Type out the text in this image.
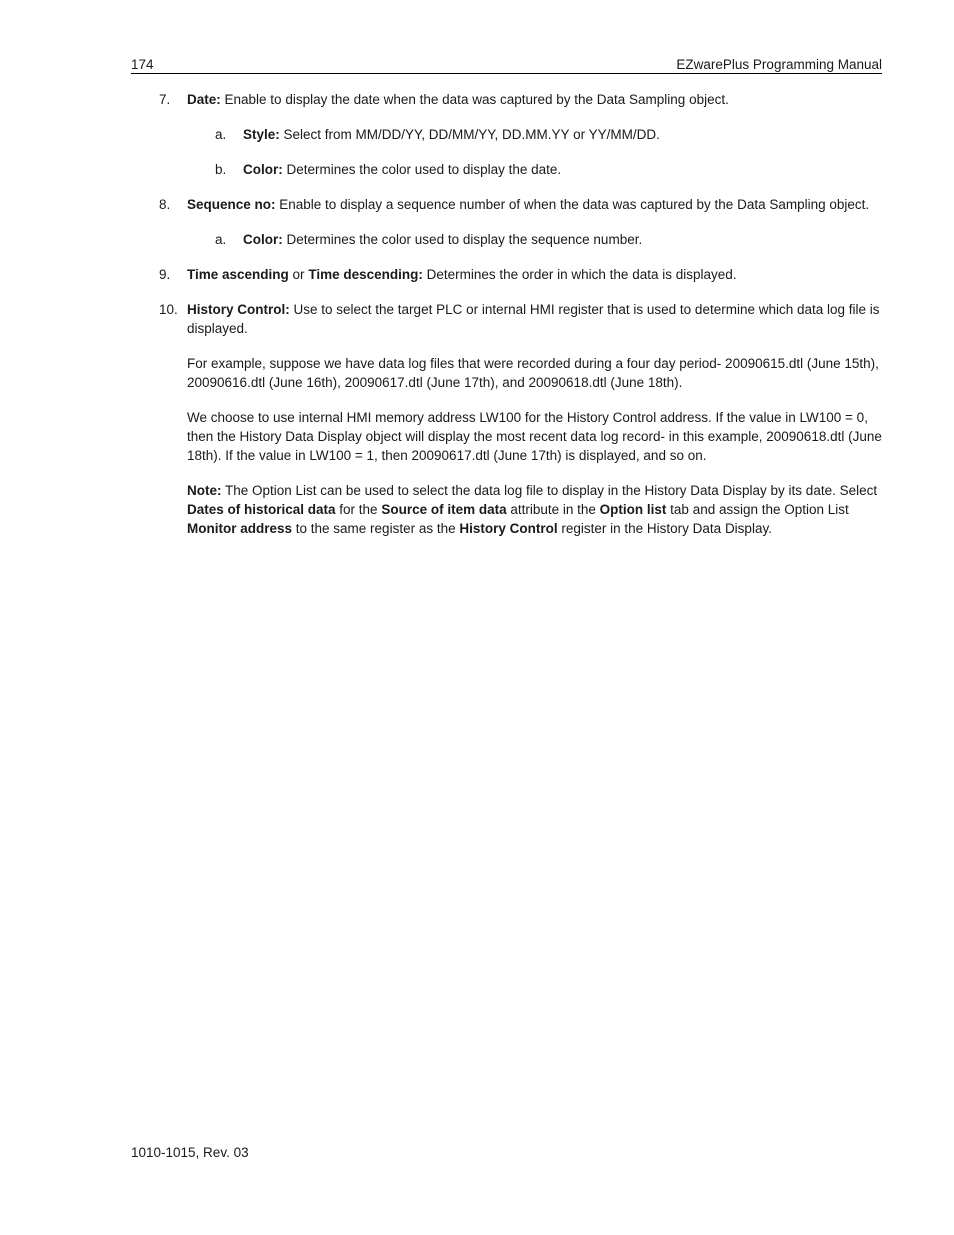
174	EZwarePlus Programming Manual
7. Date: Enable to display the date when the data was captured by the Data Sampling object.
a. Style: Select from MM/DD/YY, DD/MM/YY, DD.MM.YY or YY/MM/DD.
b. Color: Determines the color used to display the date.
8. Sequence no: Enable to display a sequence number of when the data was captured by the Data Sampling object.
a. Color: Determines the color used to display the sequence number.
9. Time ascending or Time descending: Determines the order in which the data is displayed.
10. History Control: Use to select the target PLC or internal HMI register that is used to determine which data log file is displayed.
For example, suppose we have data log files that were recorded during a four day period- 20090615.dtl (June 15th), 20090616.dtl (June 16th), 20090617.dtl (June 17th), and 20090618.dtl (June 18th).
We choose to use internal HMI memory address LW100 for the History Control address. If the value in LW100 = 0, then the History Data Display object will display the most recent data log record- in this example, 20090618.dtl (June 18th). If the value in LW100 = 1, then 20090617.dtl (June 17th) is displayed, and so on.
Note: The Option List can be used to select the data log file to display in the History Data Display by its date. Select Dates of historical data for the Source of item data attribute in the Option list tab and assign the Option List Monitor address to the same register as the History Control register in the History Data Display.
1010-1015, Rev. 03
